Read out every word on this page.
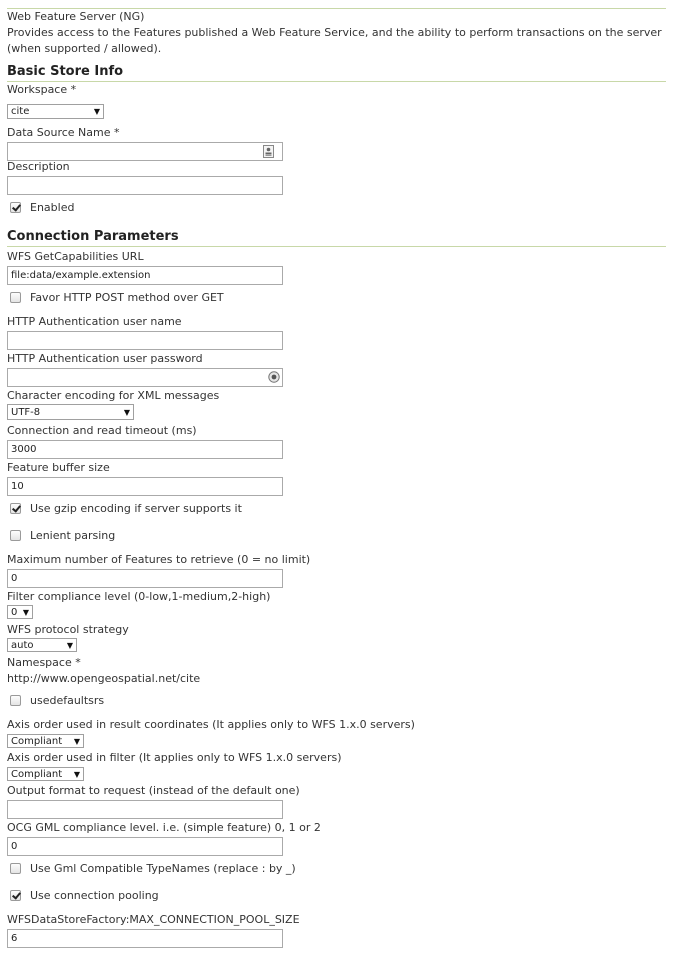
Web Feature Server (NG)
Provides access to the Features published a Web Feature Service, and the ability to perform transactions on the server (when supported / allowed).
Basic Store Info
Workspace *
cite	▼
Data Source Name *
Description
Enabled
Connection Parameters
WFS GetCapabilities URL
file:data/example.extension
Favor HTTP POST method over GET
HTTP Authentication user name
HTTP Authentication user password
Character encoding for XML messages
UTF-8	▼
Connection and read timeout (ms)
3000
Feature buffer size
10
Use gzip encoding if server supports it
Lenient parsing
Maximum number of Features to retrieve (0 = no limit)
0
Filter compliance level (0-low,1-medium,2-high)
0 ▼
WFS protocol strategy
auto	▼
Namespace *
http://www.opengeospatial.net/cite
usedefaultsrs
Axis order used in result coordinates (It applies only to WFS 1.x.0 servers)
Compliant ▼
Axis order used in filter (It applies only to WFS 1.x.0 servers)
Compliant ▼
Output format to request (instead of the default one)
OCG GML compliance level. i.e. (simple feature) 0, 1 or 2
0
Use Gml Compatible TypeNames (replace : by _)
Use connection pooling
WFSDataStoreFactory:MAX_CONNECTION_POOL_SIZE
6
